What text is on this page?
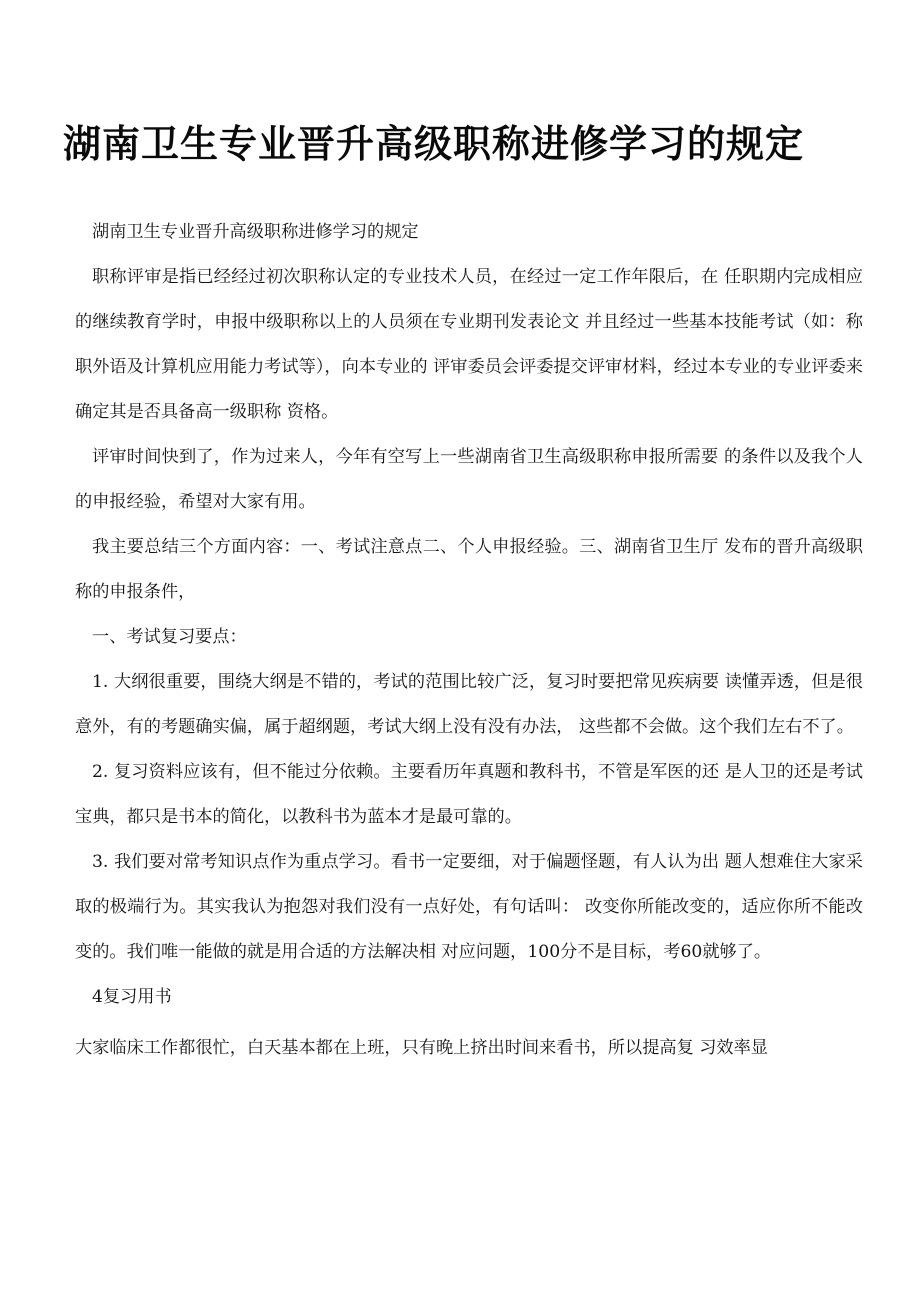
湖南卫生专业晋升高级职称进修学习的规定

湖南卫生专业晋升高级职称进修学习的规定

职称评审是指已经经过初次职称认定的专业技术人员，在经过一定工作年限后，在 任职期内完成相应的继续教育学时，申报中级职称以上的人员须在专业期刊发表论文 并且经过一些基本技能考试（如：称职外语及计算机应用能力考试等），向本专业的 评审委员会评委提交评审材料，经过本专业的专业评委来确定其是否具备高一级职称 资格。

评审时间快到了，作为过来人，今年有空写上一些湖南省卫生高级职称申报所需要 的条件以及我个人的申报经验，希望对大家有用。

我主要总结三个方面内容：一、考试注意点二、个人申报经验。三、湖南省卫生厅 发布的晋升高级职称的申报条件，

一、考试复习要点：

1. 大纲很重要，围绕大纲是不错的，考试的范围比较广泛，复习时要把常见疾病要 读懂弄透，但是很意外，有的考题确实偏，属于超纲题，考试大纲上没有没有办法， 这些都不会做。这个我们左右不了。

2. 复习资料应该有，但不能过分依赖。主要看历年真题和教科书，不管是军医的还 是人卫的还是考试宝典，都只是书本的简化，以教科书为蓝本才是最可靠的。

3. 我们要对常考知识点作为重点学习。看书一定要细，对于偏题怪题，有人认为出 题人想难住大家采取的极端行为。其实我认为抱怨对我们没有一点好处，有句话叫： 改变你所能改变的，适应你所不能改变的。我们唯一能做的就是用合适的方法解决相 对应问题，100分不是目标，考60就够了。

4复习用书

大家临床工作都很忙，白天基本都在上班，只有晚上挤出时间来看书，所以提高复 习效率显
